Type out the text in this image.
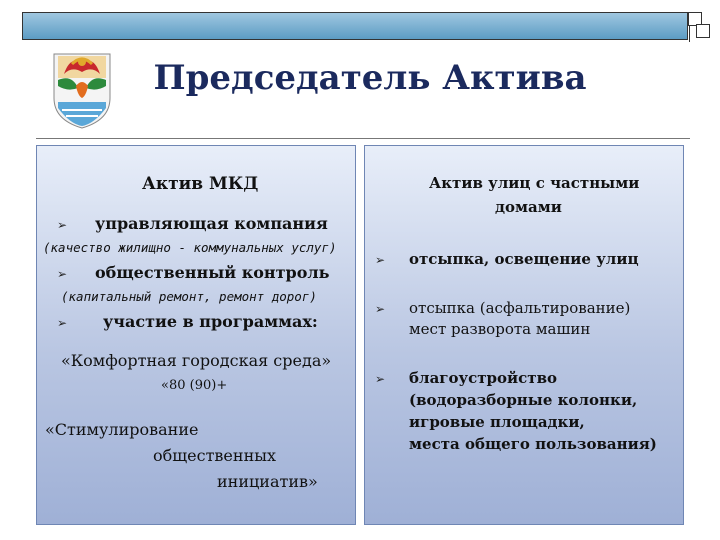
Председатель Актива
Актив МКД
➢ управляющая компания
(качество жилищно - коммунальных услуг)
➢ общественный контроль
(капитальный ремонт, ремонт дорог)
➢ участие в программах:
«Комфортная городская среда»
«80 (90)+
«Стимулирование
общественных
инициатив»
Актив улиц с частными
домами
➢ отсыпка, освещение улиц
➢ отсыпка (асфальтирование)
мест разворота машин
➢ благоустройство
(водоразборные колонки,
игровые площадки,
места общего пользования)
